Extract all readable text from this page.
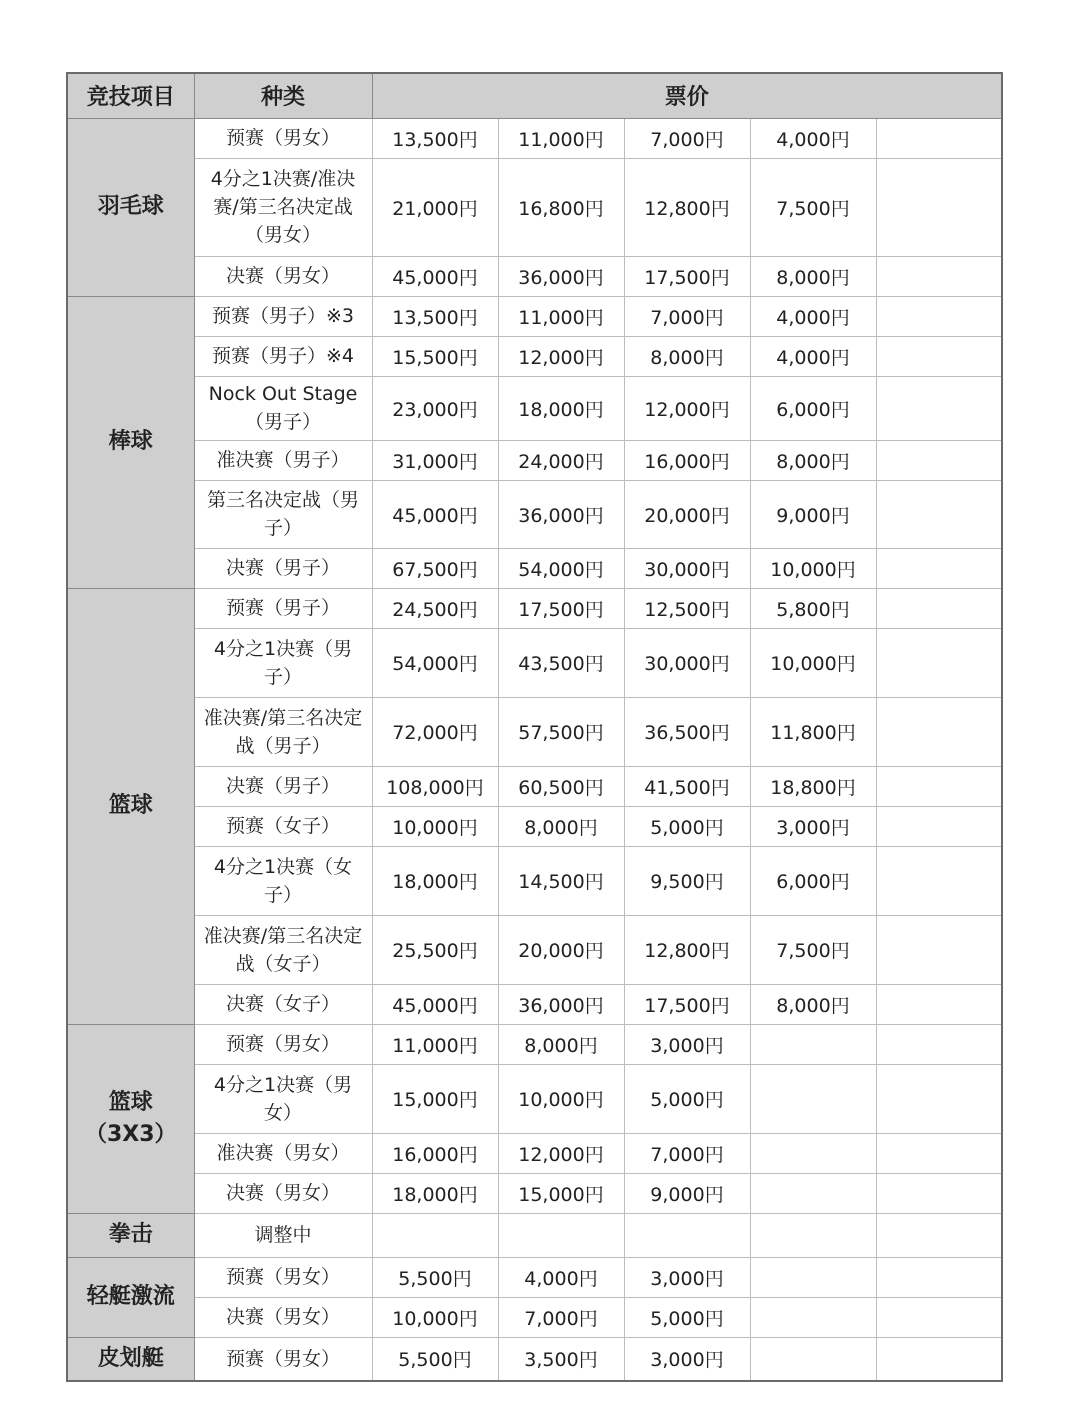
竞技项目	种类	票价				
羽毛球	预赛（男女）	13,500円	11,000円	7,000円	4,000円	
	4分之1决赛/准决赛/第三名决定战（男女）	21,000円	16,800円	12,800円	7,500円	
	决赛（男女）	45,000円	36,000円	17,500円	8,000円	
棒球	预赛（男子）※3	13,500円	11,000円	7,000円	4,000円	
	预赛（男子）※4	15,500円	12,000円	8,000円	4,000円	
	Nock Out Stage（男子）	23,000円	18,000円	12,000円	6,000円	
	准决赛（男子）	31,000円	24,000円	16,000円	8,000円	
	第三名决定战（男子）	45,000円	36,000円	20,000円	9,000円	
	决赛（男子）	67,500円	54,000円	30,000円	10,000円	
篮球	预赛（男子）	24,500円	17,500円	12,500円	5,800円	
	4分之1决赛（男子）	54,000円	43,500円	30,000円	10,000円	
	准决赛/第三名决定战（男子）	72,000円	57,500円	36,500円	11,800円	
	决赛（男子）	108,000円	60,500円	41,500円	18,800円	
	预赛（女子）	10,000円	8,000円	5,000円	3,000円	
	4分之1决赛（女子）	18,000円	14,500円	9,500円	6,000円	
	准决赛/第三名决定战（女子）	25,500円	20,000円	12,800円	7,500円	
	决赛（女子）	45,000円	36,000円	17,500円	8,000円	
篮球（3X3）	预赛（男女）	11,000円	8,000円	3,000円		
	4分之1决赛（男女）	15,000円	10,000円	5,000円		
	准决赛（男女）	16,000円	12,000円	7,000円		
	决赛（男女）	18,000円	15,000円	9,000円		
拳击	调整中					
轻艇激流	预赛（男女）	5,500円	4,000円	3,000円		
	决赛（男女）	10,000円	7,000円	5,000円		
皮划艇	预赛（男女）	5,500円	3,500円	3,000円		
